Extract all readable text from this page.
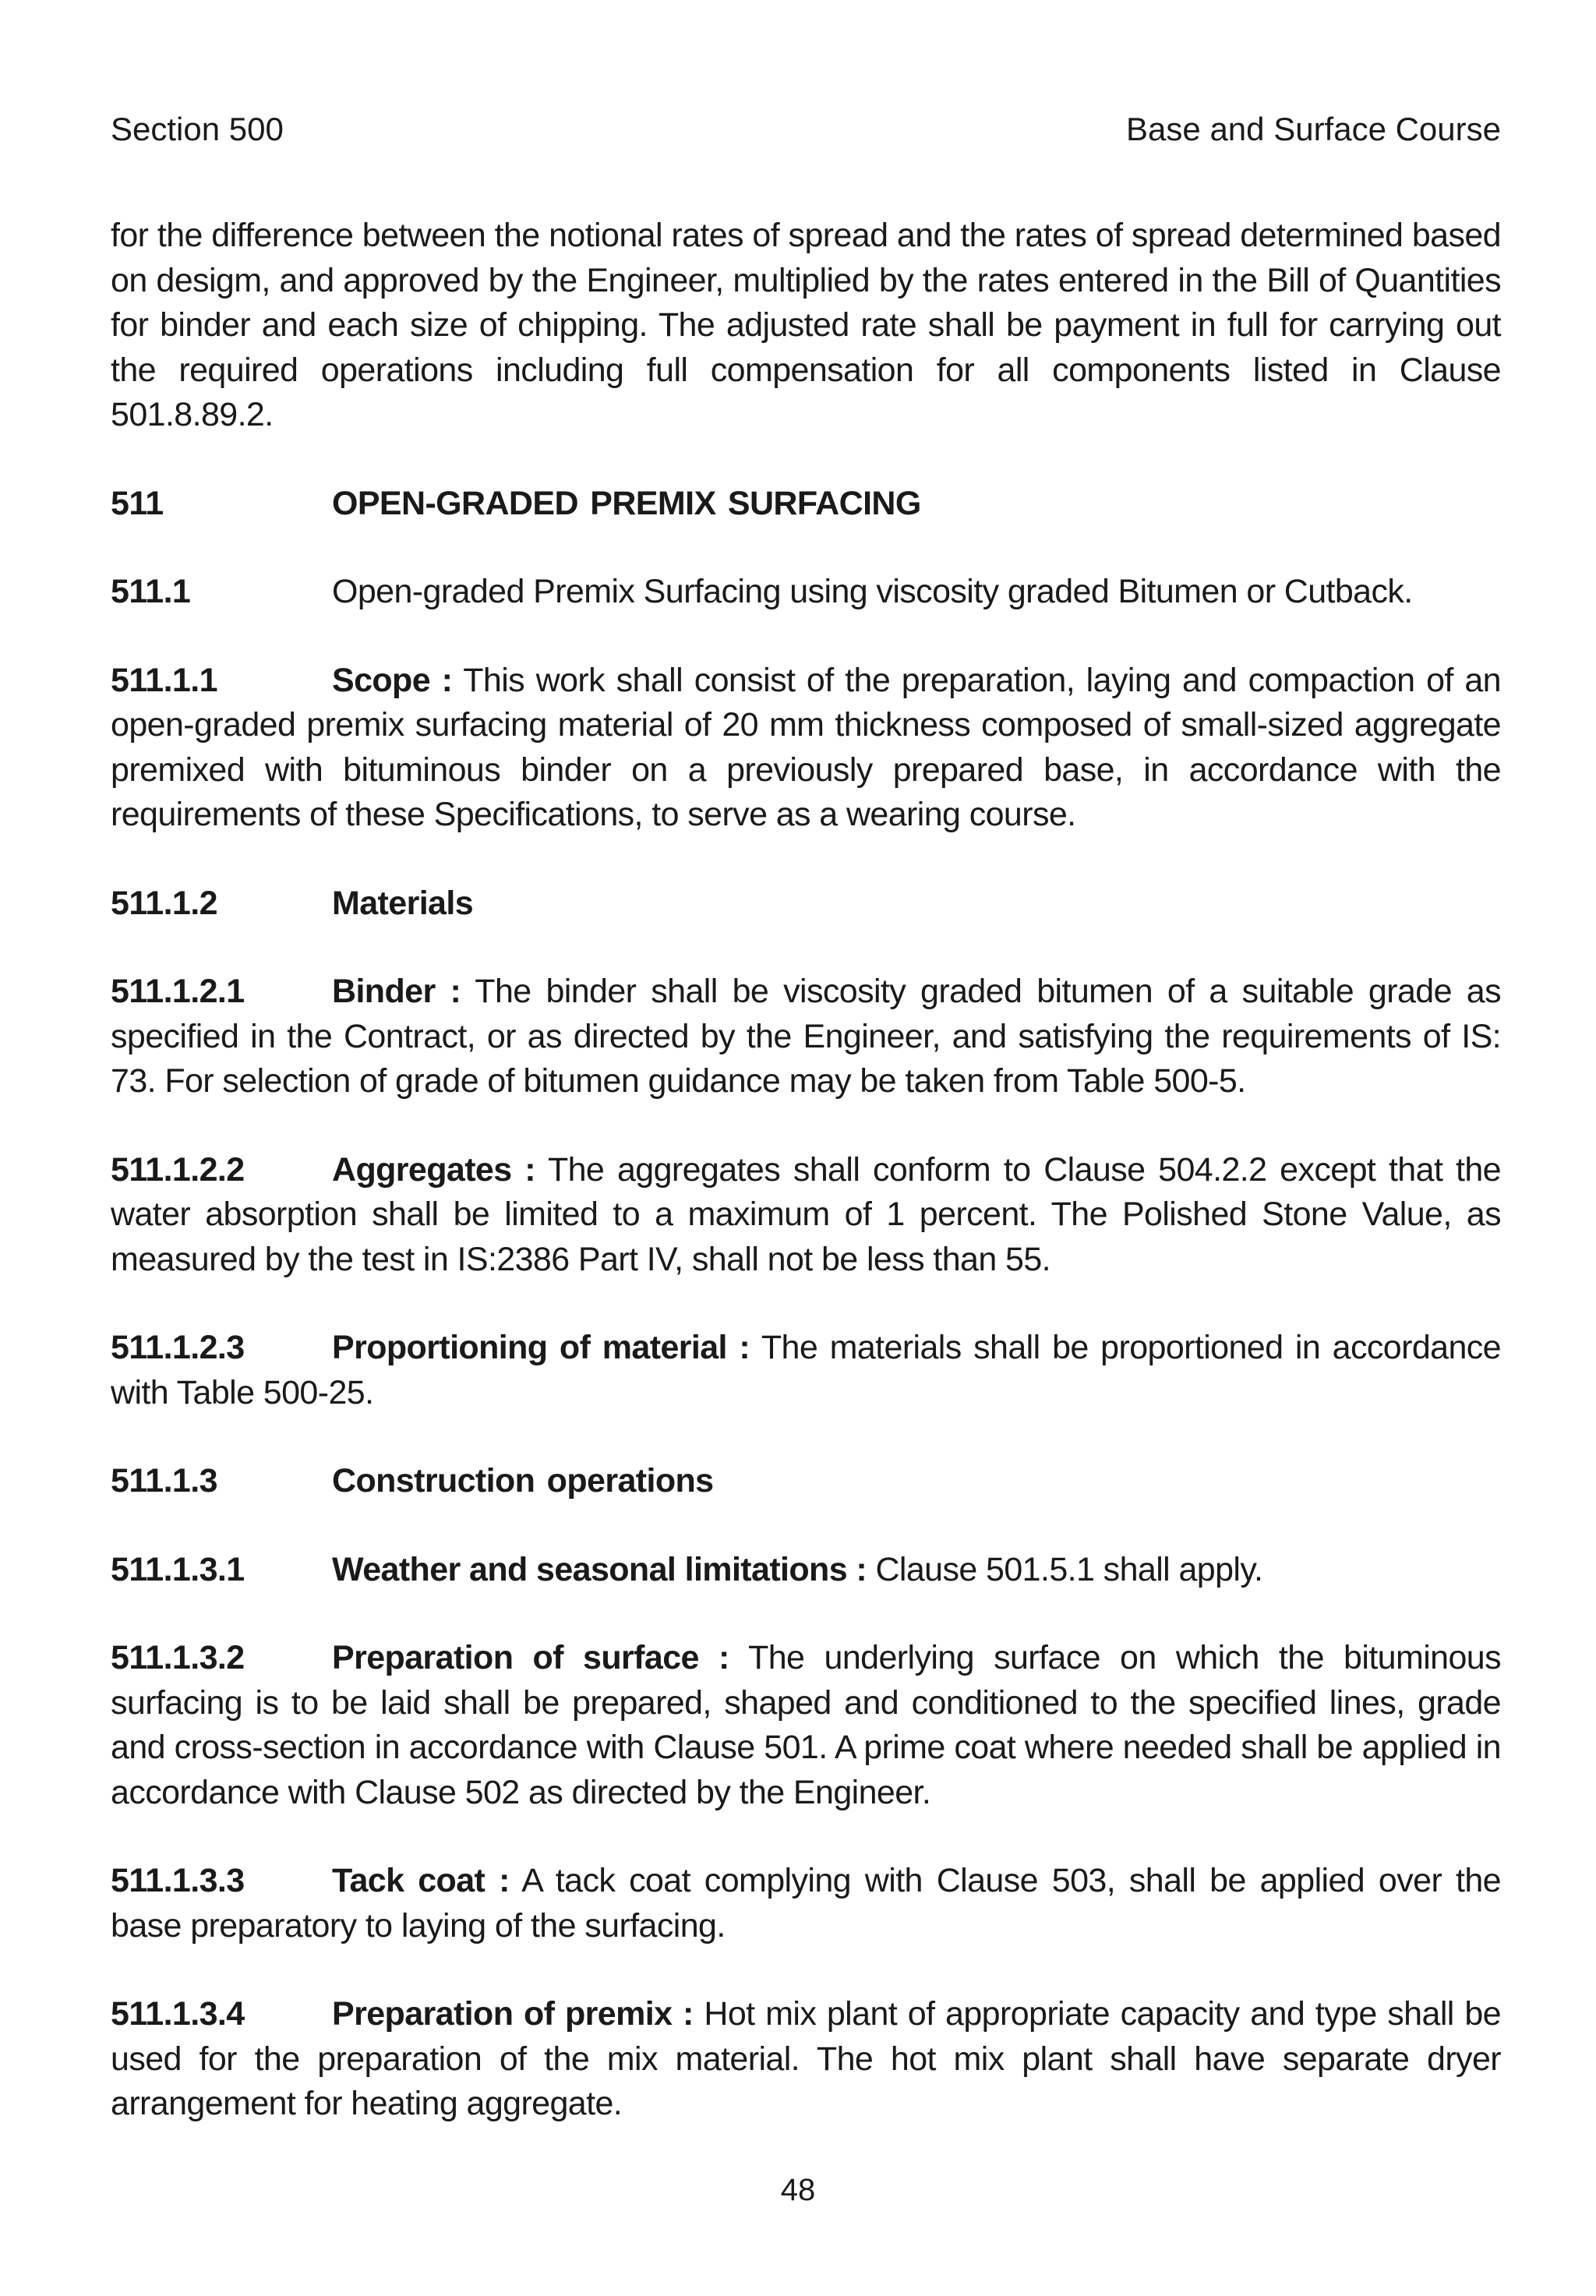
Section 500	Base and Surface Course

for the difference between the notional rates of spread and the rates of spread determined based on desigm, and approved by the Engineer, multiplied by the rates entered in the Bill of Quantities for binder and each size of chipping. The adjusted rate shall be payment in full for carrying out the required operations including full compensation for all components listed in Clause 501.8.89.2.

511	OPEN-GRADED PREMIX SURFACING

511.1	Open-graded Premix Surfacing using viscosity graded Bitumen or Cutback.

511.1.1	Scope : This work shall consist of the preparation, laying and compaction of an open-graded premix surfacing material of 20 mm thickness composed of small-sized aggregate premixed with bituminous binder on a previously prepared base, in accordance with the requirements of these Specifications, to serve as a wearing course.

511.1.2	Materials

511.1.2.1	Binder : The binder shall be viscosity graded bitumen of a suitable grade as specified in the Contract, or as directed by the Engineer, and satisfying the requirements of IS: 73. For selection of grade of bitumen guidance may be taken from Table 500-5.

511.1.2.2	Aggregates : The aggregates shall conform to Clause 504.2.2 except that the water absorption shall be limited to a maximum of 1 percent. The Polished Stone Value, as measured by the test in IS:2386 Part IV, shall not be less than 55.

511.1.2.3	Proportioning of material : The materials shall be proportioned in accordance with Table 500-25.

511.1.3	Construction operations

511.1.3.1	Weather and seasonal limitations : Clause 501.5.1 shall apply.

511.1.3.2	Preparation of surface : The underlying surface on which the bituminous surfacing is to be laid shall be prepared, shaped and conditioned to the specified lines, grade and cross-section in accordance with Clause 501. A prime coat where needed shall be applied in accordance with Clause 502 as directed by the Engineer.

511.1.3.3	Tack coat : A tack coat complying with Clause 503, shall be applied over the base preparatory to laying of the surfacing.

511.1.3.4	Preparation of premix : Hot mix plant of appropriate capacity and type shall be used for the preparation of the mix material. The hot mix plant shall have separate dryer arrangement for heating aggregate.

48
